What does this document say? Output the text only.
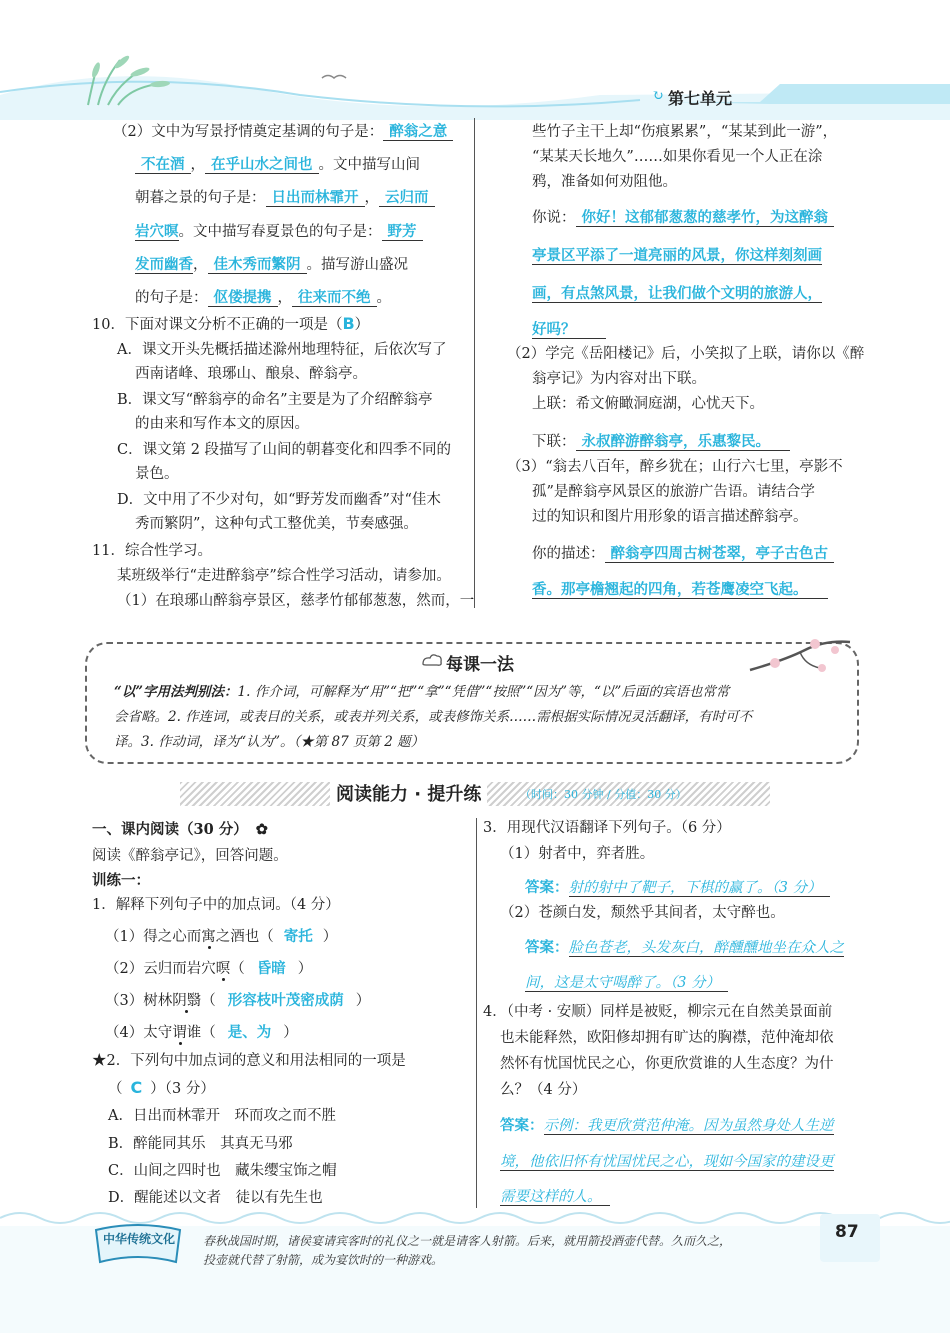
↻ 第七单元
（2）文中为写景抒情奠定基调的句子是： 醉翁之意
不在酒 ， 在乎山水之间也 。文中描写山间
朝暮之景的句子是： 日出而林霏开 ， 云归而
岩穴暝。文中描写春夏景色的句子是： 野芳
发而幽香， 佳木秀而繁阴 。描写游山盛况
的句子是： 伛偻提携 ， 往来而不绝 。
10．下面对课文分析不正确的一项是（B）
A．课文开头先概括描述滁州地理特征，后依次写了
西南诸峰、琅琊山、酿泉、醉翁亭。
B．课文写“醉翁亭的命名”主要是为了介绍醉翁亭
的由来和写作本文的原因。
C．课文第 2 段描写了山间的朝暮变化和四季不同的
景色。
D．文中用了不少对句，如“野芳发而幽香”对“佳木
秀而繁阴”，这种句式工整优美，节奏感强。
11．综合性学习。
某班级举行“走进醉翁亭”综合性学习活动，请参加。
（1）在琅琊山醉翁亭景区，慈孝竹郁郁葱葱，然而，一
些竹子主干上却“伤痕累累”，“某某到此一游”，
“某某天长地久”……如果你看见一个人正在涂
鸦，准备如何劝阻他。
你说： 你好！这郁郁葱葱的慈孝竹，为这醉翁
亭景区平添了一道亮丽的风景，你这样刻刻画
画，有点煞风景，让我们做个文明的旅游人，
好吗？
（2）学完《岳阳楼记》后，小笑拟了上联，请你以《醉
翁亭记》为内容对出下联。
上联：希文俯瞰洞庭湖，心忧天下。
下联： 永叔醉游醉翁亭，乐惠黎民。
（3）“翁去八百年，醉乡犹在；山行六七里，亭影不
孤”是醉翁亭风景区的旅游广告语。请结合学
过的知识和图片用形象的语言描述醉翁亭。
你的描述： 醉翁亭四周古树苍翠，亭子古色古
香。那亭檐翘起的四角，若苍鹰凌空飞起。
每课一法
“以”字用法判别法：1. 作介词，可解释为“用”“把”“拿”“凭借”“按照”“因为”等，“以”后面的宾语也常常
会省略。2. 作连词，或表目的关系，或表并列关系，或表修饰关系……需根据实际情况灵活翻译，有时可不
译。3. 作动词，译为“认为”。（★第 87 页第 2 题）
阅读能力 · 提升练	（时间：30 分钟 / 分值：30 分）
一、课内阅读（30 分） ✿
阅读《醉翁亭记》，回答问题。
训练一：
1．解释下列句子中的加点词。（4 分）
（1）得之心而寓之酒也（ 寄托 ）
（2）云归而岩穴暝（ 昏暗 ）
（3）树林阴翳（ 形容枝叶茂密成荫 ）
（4）太守谓谁（ 是、为 ）
★2．下列句中加点词的意义和用法相同的一项是
（ C ）（3 分）
A．日出而林霏开　环而攻之而不胜
B．醉能同其乐　其真无马邪
C．山间之四时也　藏朱缨宝饰之帽
D．醒能述以文者　徒以有先生也
3．用现代汉语翻译下列句子。（6 分）
（1）射者中，弈者胜。
答案：射的射中了靶子，下棋的赢了。（3 分）
（2）苍颜白发，颓然乎其间者，太守醉也。
答案：脸色苍老，头发灰白，醉醺醺地坐在众人之
间，这是太守喝醉了。（3 分）
4．（中考 · 安顺）同样是被贬，柳宗元在自然美景面前
也未能释然，欧阳修却拥有旷达的胸襟，范仲淹却依
然怀有忧国忧民之心，你更欣赏谁的人生态度？为什
么？（4 分）
答案：示例：我更欣赏范仲淹。因为虽然身处人生逆
境，他依旧怀有忧国忧民之心，现如今国家的建设更
需要这样的人。
中华传统文化 春秋战国时期，诸侯宴请宾客时的礼仪之一就是请客人射箭。后来，就用箭投酒壶代替。久而久之，
投壶就代替了射箭，成为宴饮时的一种游戏。
87
